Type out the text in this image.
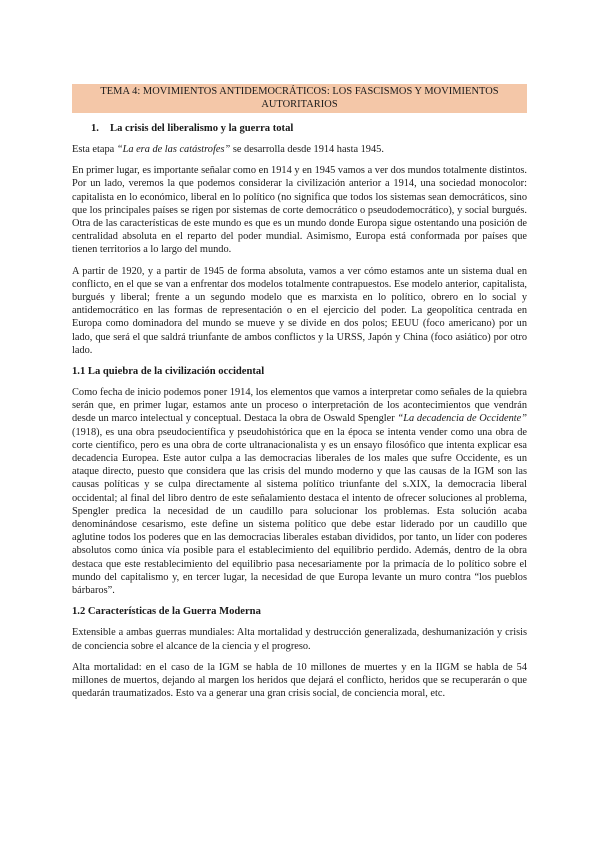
TEMA 4: MOVIMIENTOS ANTIDEMOCRÁTICOS: LOS FASCISMOS Y MOVIMIENTOS AUTORITARIOS
1. La crisis del liberalismo y la guerra total

Esta etapa “La era de las catástrofes” se desarrolla desde 1914 hasta 1945.

En primer lugar, es importante señalar como en 1914 y en 1945 vamos a ver dos mundos totalmente distintos. Por un lado, veremos la que podemos considerar la civilización anterior a 1914, una sociedad monocolor: capitalista en lo económico, liberal en lo político (no significa que todos los sistemas sean democráticos, sino que los principales países se rigen por sistemas de corte democrático o pseudodemocrático), y social burgués. Otra de las características de este mundo es que es un mundo donde Europa sigue ostentando una posición de centralidad absoluta en el reparto del poder mundial. Asimismo, Europa está conformada por países que tienen territorios a lo largo del mundo.

A partir de 1920, y a partir de 1945 de forma absoluta, vamos a ver cómo estamos ante un sistema dual en conflicto, en el que se van a enfrentar dos modelos totalmente contrapuestos. Ese modelo anterior, capitalista, burgués y liberal; frente a un segundo modelo que es marxista en lo político, obrero en lo social y antidemocrático en las formas de representación o en el ejercicio del poder. La geopolítica centrada en Europa como dominadora del mundo se mueve y se divide en dos polos; EEUU (foco americano) por un lado, que será el que saldrá triunfante de ambos conflictos y la URSS, Japón y China (foco asiático) por otro lado.

1.1 La quiebra de la civilización occidental

Como fecha de inicio podemos poner 1914, los elementos que vamos a interpretar como señales de la quiebra serán que, en primer lugar, estamos ante un proceso o interpretación de los acontecimientos que vendrán desde un marco intelectual y conceptual. Destaca la obra de Oswald Spengler “La decadencia de Occidente” (1918), es una obra pseudocientífica y pseudohistórica que en la época se intenta vender como una obra de corte científico, pero es una obra de corte ultranacionalista y es un ensayo filosófico que intenta explicar esa decadencia Europea. Este autor culpa a las democracias liberales de los males que sufre Occidente, es un ataque directo, puesto que considera que las crisis del mundo moderno y que las causas de la IGM son las causas políticas y se culpa directamente al sistema político triunfante del s.XIX, la democracia liberal occidental; al final del libro dentro de este señalamiento destaca el intento de ofrecer soluciones al problema, Spengler predica la necesidad de un caudillo para solucionar los problemas. Esta solución acaba denominándose cesarismo, este define un sistema político que debe estar liderado por un caudillo que aglutine todos los poderes que en las democracias liberales estaban divididos, por tanto, un líder con poderes absolutos como única vía posible para el establecimiento del equilibrio perdido. Además, dentro de la obra destaca que este restablecimiento del equilibrio pasa necesariamente por la primacía de lo político sobre el mundo del capitalismo y, en tercer lugar, la necesidad de que Europa levante un muro contra “los pueblos bárbaros”.

1.2 Características de la Guerra Moderna

Extensible a ambas guerras mundiales: Alta mortalidad y destrucción generalizada, deshumanización y crisis de conciencia sobre el alcance de la ciencia y el progreso.

Alta mortalidad: en el caso de la IGM se habla de 10 millones de muertes y en la IIGM se habla de 54 millones de muertos, dejando al margen los heridos que dejará el conflicto, heridos que se recuperarán o que quedarán traumatizados. Esto va a generar una gran crisis social, de conciencia moral, etc.
